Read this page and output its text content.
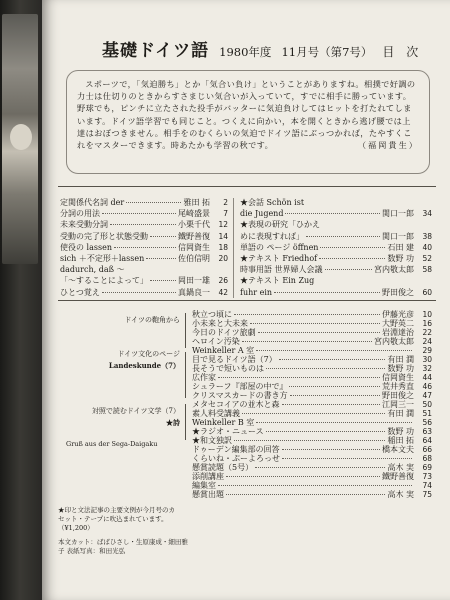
基礎ドイツ語 1980年度 11月号（第7号） 目 次
スポーツで，「気迫勝ち」とか「気合い負け」ということがありますね。相撲で好調の力士は仕切りのときからすさまじい気合いが入っていて，すでに相手に勝っています。野球でも，ピンチに立たされた投手がバッターに気迫負けしてはヒットを打たれてしまいます。ドイツ語学習でも同じこと。つくえに向かい，本を開くときから逃げ腰では上達はおぼつきません。相手をのむくらいの気迫でドイツ語にぶっつかれば，たやすくこれをマスターできます。時あたかも学習の秋です。	（福岡貴生）
定関係代名詞 der	雅田 拓	2
分詞の用法	尾崎盛景	7
未来受動分詞	小栗千代	12
受動の完了形と状態受動	鐵野善復	14
使役の lassen	信岡資生	18
sich ＋不定形＋lassen	佐伯信明	20
dadurch, daß ～
「～することによって」	岡田一雄	26
ひとつ覚え	真鍋良一	42
★会話 Schön ist
die Jugend	関口一郎	34
★表現の研究「ひかえ
めに表現すれば」	関口一郎	38
単語の ページ öffnen	石田 建	40
★テキスト Friedhof	数野 功	52
時事用語 世界婦人会議	宮内敬太郎	58
★テキスト Ein Zug
fuhr ein	野田俊之	60
ドイツの鞄角から
ドイツ文化のページ
Landeskunde（7）
対照で読むドイツ文学（7）
★詩
Gruß aus der Sega-Daigaku
秋立つ頃に	伊藤光彦	10
小未来と大未来	大野英二	16
今日のドイツ旅劇	岩淵達治	22
ヘロイン汚染	宮内敬太郎	24
Weinkeller A 室	29
目で見るドイツ語（7）	有田 潤	30
長そうで短いものは	数野 功	32
広作家	信岡資生	44
シュラーフ『部屋の中で』	荒井秀直	46
クリスマスカードの書き方	野田俊之	47
メタセコイアの並木と森	江岡三一	50
素人料受講義	有田 潤	51
Weinkeller B 室	56
★ラジオ・ニュース	数野 功	63
★和文独訳	稲田 拓	64
ドゥーデン編集部の回答	橋本文夫	66
くらいね・ぷーよろっせ	68
懸賞読題（5号）	高木 実	69
添削講座	鐵野善復	73
編集室	74
懸賞出題	高木 実	75
★印と文法記事の主要文例が今月号のカセット・テープに吹込まれています。（¥1,200）
本文カット：ばばひさし・生原康成・細田雅子 表紙写真：和田光弘
